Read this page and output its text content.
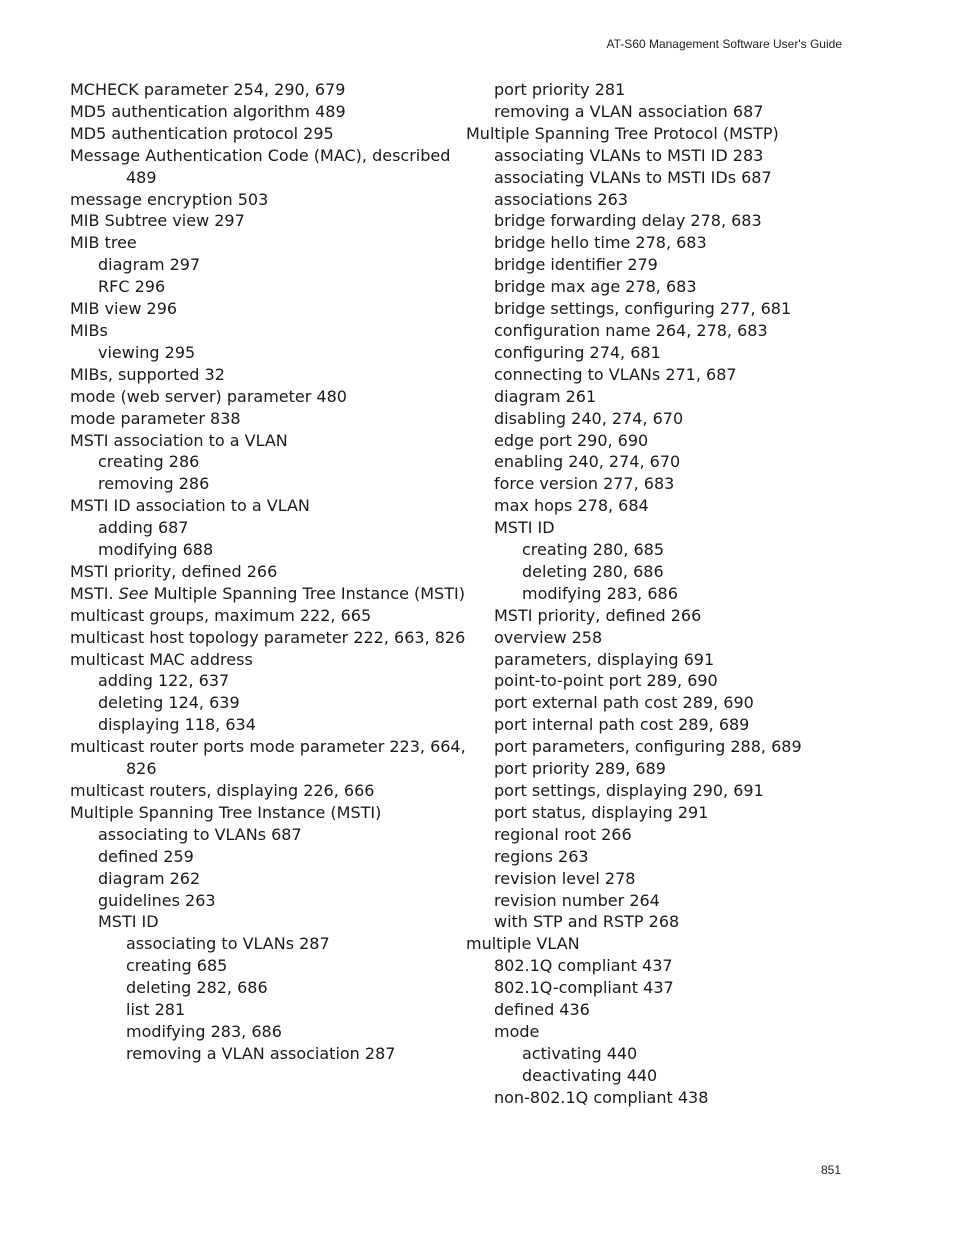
AT-S60 Management Software User's Guide
MCHECK parameter 254, 290, 679
MD5 authentication algorithm 489
MD5 authentication protocol 295
Message Authentication Code (MAC), described 489
message encryption 503
MIB Subtree view 297
MIB tree
diagram 297
RFC 296
MIB view 296
MIBs
viewing 295
MIBs, supported 32
mode (web server) parameter 480
mode parameter 838
MSTI association to a VLAN
creating 286
removing 286
MSTI ID association to a VLAN
adding 687
modifying 688
MSTI priority, defined 266
MSTI. See Multiple Spanning Tree Instance (MSTI)
multicast groups, maximum 222, 665
multicast host topology parameter 222, 663, 826
multicast MAC address
adding 122, 637
deleting 124, 639
displaying 118, 634
multicast router ports mode parameter 223, 664, 826
multicast routers, displaying 226, 666
Multiple Spanning Tree Instance (MSTI)
associating to VLANs 687
defined 259
diagram 262
guidelines 263
MSTI ID
associating to VLANs 287
creating 685
deleting 282, 686
list 281
modifying 283, 686
removing a VLAN association 287
port priority 281
removing a VLAN association 687
Multiple Spanning Tree Protocol (MSTP)
associating VLANs to MSTI ID 283
associating VLANs to MSTI IDs 687
associations 263
bridge forwarding delay 278, 683
bridge hello time 278, 683
bridge identifier 279
bridge max age 278, 683
bridge settings, configuring 277, 681
configuration name 264, 278, 683
configuring 274, 681
connecting to VLANs 271, 687
diagram 261
disabling 240, 274, 670
edge port 290, 690
enabling 240, 274, 670
force version 277, 683
max hops 278, 684
MSTI ID
creating 280, 685
deleting 280, 686
modifying 283, 686
MSTI priority, defined 266
overview 258
parameters, displaying 691
point-to-point port 289, 690
port external path cost 289, 690
port internal path cost 289, 689
port parameters, configuring 288, 689
port priority 289, 689
port settings, displaying 290, 691
port status, displaying 291
regional root 266
regions 263
revision level 278
revision number 264
with STP and RSTP 268
multiple VLAN
802.1Q compliant 437
802.1Q-compliant 437
defined 436
mode
activating 440
deactivating 440
non-802.1Q compliant 438
851
